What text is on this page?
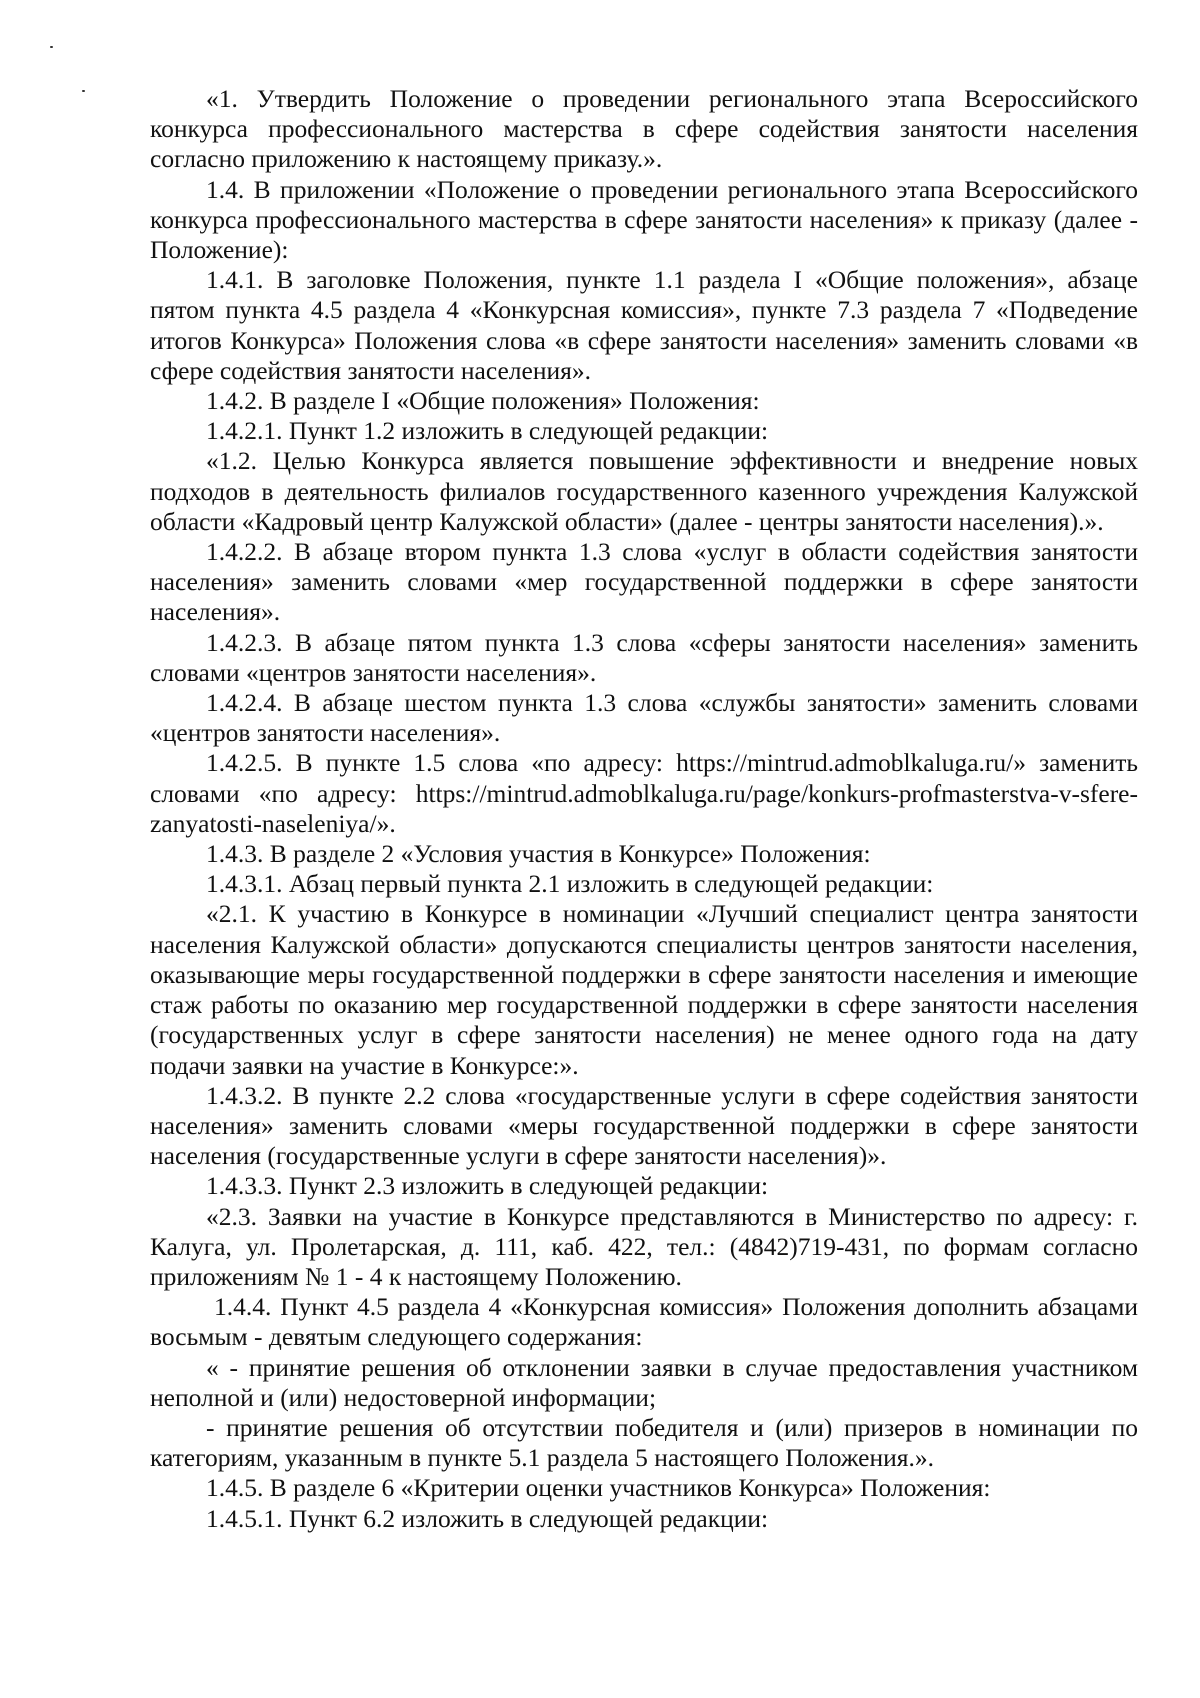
«1. Утвердить Положение о проведении регионального этапа Всероссийского конкурса профессионального мастерства в сфере содействия занятости населения согласно приложению к настоящему приказу.».

1.4. В приложении «Положение о проведении регионального этапа Всероссийского конкурса профессионального мастерства в сфере занятости населения» к приказу (далее - Положение):

1.4.1. В заголовке Положения, пункте 1.1 раздела I «Общие положения», абзаце пятом пункта 4.5 раздела 4 «Конкурсная комиссия», пункте 7.3 раздела 7 «Подведение итогов Конкурса» Положения слова «в сфере занятости населения» заменить словами «в сфере содействия занятости населения».

1.4.2. В разделе I «Общие положения» Положения:

1.4.2.1. Пункт 1.2 изложить в следующей редакции:

«1.2. Целью Конкурса является повышение эффективности и внедрение новых подходов в деятельность филиалов государственного казенного учреждения Калужской области «Кадровый центр Калужской области» (далее - центры занятости населения).».

1.4.2.2. В абзаце втором пункта 1.3 слова «услуг в области содействия занятости населения» заменить словами «мер государственной поддержки в сфере занятости населения».

1.4.2.3. В абзаце пятом пункта 1.3 слова «сферы занятости населения» заменить словами «центров занятости населения».

1.4.2.4. В абзаце шестом пункта 1.3 слова «службы занятости» заменить словами «центров занятости населения».

1.4.2.5. В пункте 1.5 слова «по адресу: https://mintrud.admoblkaluga.ru/» заменить словами «по адресу: https://mintrud.admoblkaluga.ru/page/konkurs-profmasterstva-v-sfere-zanyatosti-naseleniya/».

1.4.3. В разделе 2 «Условия участия в Конкурсе» Положения:

1.4.3.1. Абзац первый пункта 2.1 изложить в следующей редакции:

«2.1. К участию в Конкурсе в номинации «Лучший специалист центра занятости населения Калужской области» допускаются специалисты центров занятости населения, оказывающие меры государственной поддержки в сфере занятости населения и имеющие стаж работы по оказанию мер государственной поддержки в сфере занятости населения (государственных услуг в сфере занятости населения) не менее одного года на дату подачи заявки на участие в Конкурсе:».

1.4.3.2. В пункте 2.2 слова «государственные услуги в сфере содействия занятости населения» заменить словами «меры государственной поддержки в сфере занятости населения (государственные услуги в сфере занятости населения)».

1.4.3.3. Пункт 2.3 изложить в следующей редакции:

«2.3. Заявки на участие в Конкурсе представляются в Министерство по адресу: г. Калуга, ул. Пролетарская, д. 111, каб. 422, тел.: (4842)719-431, по формам согласно приложениям № 1 - 4 к настоящему Положению.

1.4.4. Пункт 4.5 раздела 4 «Конкурсная комиссия» Положения дополнить абзацами восьмым - девятым следующего содержания:

« - принятие решения об отклонении заявки в случае предоставления участником неполной и (или) недостоверной информации;

- принятие решения об отсутствии победителя и (или) призеров в номинации по категориям, указанным в пункте 5.1 раздела 5 настоящего Положения.».

1.4.5. В разделе 6 «Критерии оценки участников Конкурса» Положения:

1.4.5.1. Пункт 6.2 изложить в следующей редакции:
